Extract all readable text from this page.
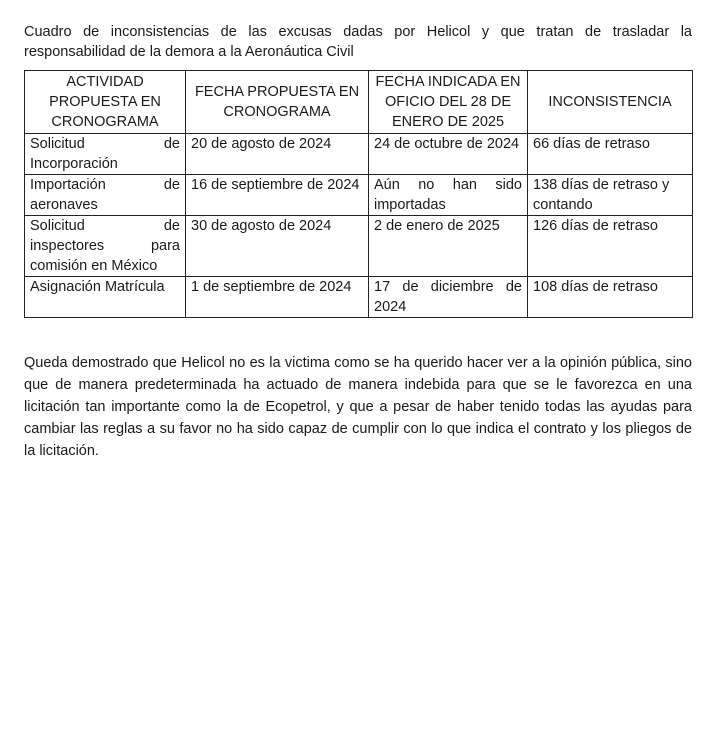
Cuadro de inconsistencias de las excusas dadas por Helicol y que tratan de trasladar la responsabilidad de la demora a la Aeronáutica Civil

ACTIVIDAD PROPUESTA EN CRONOGRAMA	FECHA PROPUESTA EN CRONOGRAMA	FECHA INDICADA EN OFICIO DEL 28 DE ENERO DE 2025	INCONSISTENCIA
Solicitud de Incorporación	20 de agosto de 2024	24 de octubre de 2024	66 días de retraso
Importación de aeronaves	16 de septiembre de 2024	Aún no han sido importadas	138 días de retraso y contando
Solicitud de inspectores para comisión en México	30 de agosto de 2024	2 de enero de 2025	126 días de retraso
Asignación Matrícula	1 de septiembre de 2024	17 de diciembre de 2024	108 días de retraso

Queda demostrado que Helicol no es la victima como se ha querido hacer ver a la opinión pública, sino que de manera predeterminada ha actuado de manera indebida para que se le favorezca en una licitación tan importante como la de Ecopetrol, y que a pesar de haber tenido todas las ayudas para cambiar las reglas a su favor no ha sido capaz de cumplir con lo que indica el contrato y los pliegos de la licitación.
